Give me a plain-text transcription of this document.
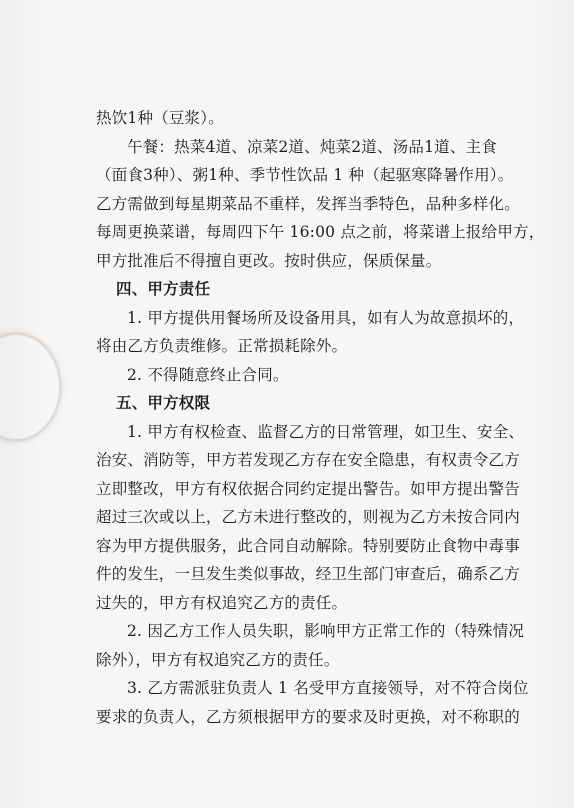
热饮1种（豆浆）。
午餐：热菜4道、凉菜2道、炖菜2道、汤品1道、主食
（面食3种）、粥1种、季节性饮品 1 种（起驱寒降暑作用）。
乙方需做到每星期菜品不重样，发挥当季特色，品种多样化。
每周更换菜谱，每周四下午 16:00 点之前，将菜谱上报给甲方，
甲方批准后不得擅自更改。按时供应，保质保量。
四、甲方责任
1. 甲方提供用餐场所及设备用具，如有人为故意损坏的，
将由乙方负责维修。正常损耗除外。
2. 不得随意终止合同。
五、甲方权限
1. 甲方有权检查、监督乙方的日常管理，如卫生、安全、
治安、消防等，甲方若发现乙方存在安全隐患，有权责令乙方
立即整改，甲方有权依据合同约定提出警告。如甲方提出警告
超过三次或以上，乙方未进行整改的，则视为乙方未按合同内
容为甲方提供服务，此合同自动解除。特别要防止食物中毒事
件的发生，一旦发生类似事故，经卫生部门审查后，确系乙方
过失的，甲方有权追究乙方的责任。
2. 因乙方工作人员失职，影响甲方正常工作的（特殊情况
除外），甲方有权追究乙方的责任。
3. 乙方需派驻负责人 1 名受甲方直接领导，对不符合岗位
要求的负责人，乙方须根据甲方的要求及时更换，对不称职的
